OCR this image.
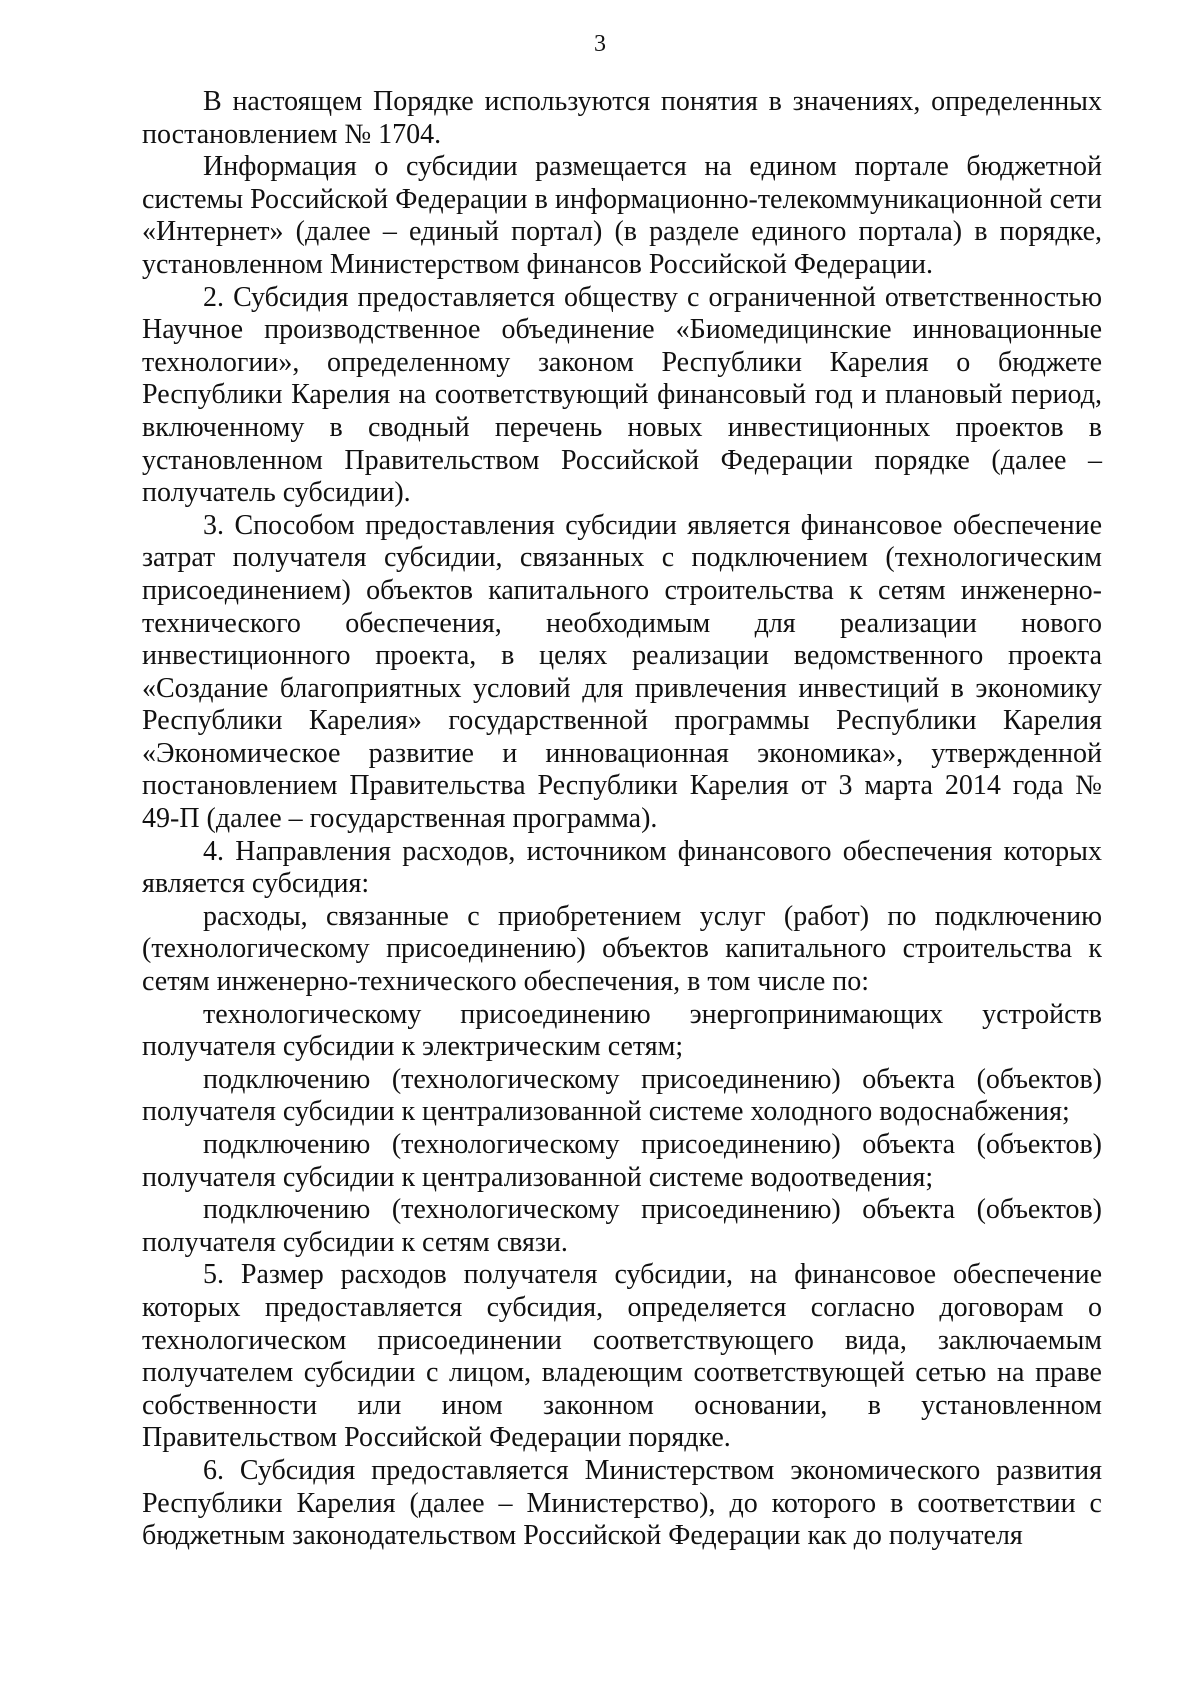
3

В настоящем Порядке используются понятия в значениях, определенных постановлением № 1704.

Информация о субсидии размещается на едином портале бюджетной системы Российской Федерации в информационно-телекоммуникационной сети «Интернет» (далее – единый портал) (в разделе единого портала) в порядке, установленном Министерством финансов Российской Федерации.

2. Субсидия предоставляется обществу с ограниченной ответственностью Научное производственное объединение «Биомедицинские инновационные технологии», определенному законом Республики Карелия о бюджете Республики Карелия на соответствующий финансовый год и плановый период, включенному в сводный перечень новых инвестиционных проектов в установленном Правительством Российской Федерации порядке (далее – получатель субсидии).

3. Способом предоставления субсидии является финансовое обеспечение затрат получателя субсидии, связанных с подключением (технологическим присоединением) объектов капитального строительства к сетям инженерно-технического обеспечения, необходимым для реализации нового инвестиционного проекта, в целях реализации ведомственного проекта «Создание благоприятных условий для привлечения инвестиций в экономику Республики Карелия» государственной программы Республики Карелия «Экономическое развитие и инновационная экономика», утвержденной постановлением Правительства Республики Карелия от 3 марта 2014 года № 49-П (далее – государственная программа).

4. Направления расходов, источником финансового обеспечения которых является субсидия:

расходы, связанные с приобретением услуг (работ) по подключению (технологическому присоединению) объектов капитального строительства к сетям инженерно-технического обеспечения, в том числе по:

технологическому присоединению энергопринимающих устройств получателя субсидии к электрическим сетям;

подключению (технологическому присоединению) объекта (объектов) получателя субсидии к централизованной системе холодного водоснабжения;

подключению (технологическому присоединению) объекта (объектов) получателя субсидии к централизованной системе водоотведения;

подключению (технологическому присоединению) объекта (объектов) получателя субсидии к сетям связи.

5. Размер расходов получателя субсидии, на финансовое обеспечение которых предоставляется субсидия, определяется согласно договорам о технологическом присоединении соответствующего вида, заключаемым получателем субсидии с лицом, владеющим соответствующей сетью на праве собственности или ином законном основании, в установленном Правительством Российской Федерации порядке.

6. Субсидия предоставляется Министерством экономического развития Республики Карелия (далее – Министерство), до которого в соответствии с бюджетным законодательством Российской Федерации как до получателя
